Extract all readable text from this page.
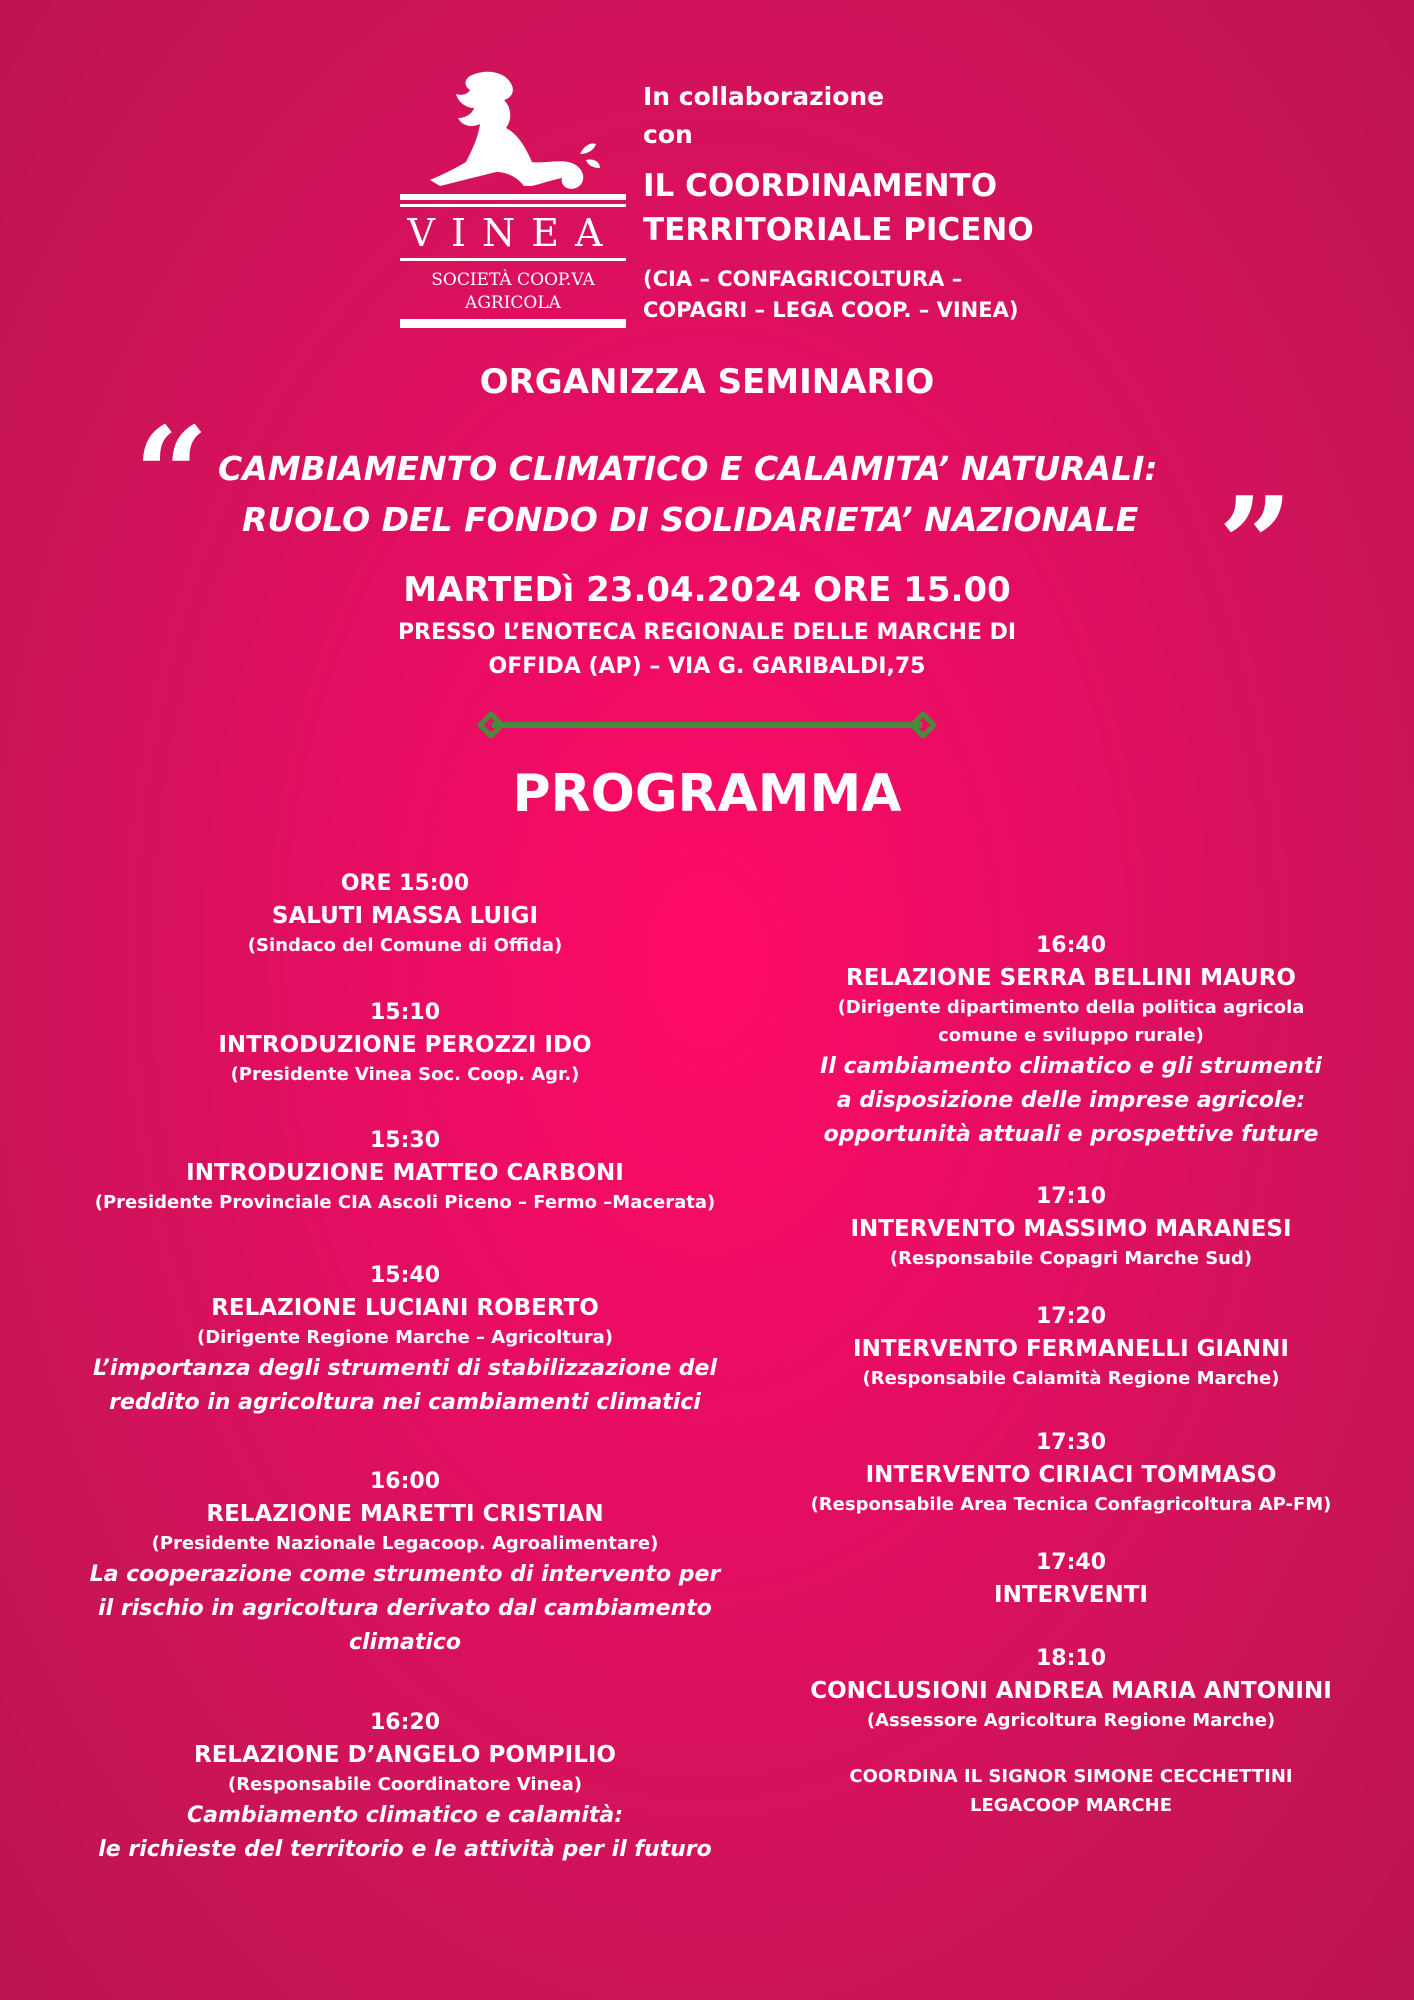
VINEA
SOCIETÀ COOP.VA
AGRICOLA
In collaborazione
con
IL COORDINAMENTO
TERRITORIALE PICENO
(CIA – CONFAGRICOLTURA –
COPAGRI – LEGA COOP. – VINEA)
ORGANIZZA SEMINARIO
“ CAMBIAMENTO CLIMATICO E CALAMITA’ NATURALI:
RUOLO DEL FONDO DI SOLIDARIETA’ NAZIONALE ”
MARTEDì 23.04.2024 ORE 15.00
PRESSO L’ENOTECA REGIONALE DELLE MARCHE DI
OFFIDA (AP) – VIA G. GARIBALDI,75
PROGRAMMA
ORE 15:00
SALUTI MASSA LUIGI
(Sindaco del Comune di Offida)
15:10
INTRODUZIONE PEROZZI IDO
(Presidente Vinea Soc. Coop. Agr.)
15:30
INTRODUZIONE MATTEO CARBONI
(Presidente Provinciale CIA Ascoli Piceno – Fermo –Macerata)
15:40
RELAZIONE LUCIANI ROBERTO
(Dirigente Regione Marche – Agricoltura)
L’importanza degli strumenti di stabilizzazione del
reddito in agricoltura nei cambiamenti climatici
16:00
RELAZIONE MARETTI CRISTIAN
(Presidente Nazionale Legacoop. Agroalimentare)
La cooperazione come strumento di intervento per
il rischio in agricoltura derivato dal cambiamento
climatico
16:20
RELAZIONE D’ANGELO POMPILIO
(Responsabile Coordinatore Vinea)
Cambiamento climatico e calamità:
le richieste del territorio e le attività per il futuro
16:40
RELAZIONE SERRA BELLINI MAURO
(Dirigente dipartimento della politica agricola
comune e sviluppo rurale)
Il cambiamento climatico e gli strumenti
a disposizione delle imprese agricole:
opportunità attuali e prospettive future
17:10
INTERVENTO MASSIMO MARANESI
(Responsabile Copagri Marche Sud)
17:20
INTERVENTO FERMANELLI GIANNI
(Responsabile Calamità Regione Marche)
17:30
INTERVENTO CIRIACI TOMMASO
(Responsabile Area Tecnica Confagricoltura AP-FM)
17:40
INTERVENTI
18:10
CONCLUSIONI ANDREA MARIA ANTONINI
(Assessore Agricoltura Regione Marche)
COORDINA IL SIGNOR SIMONE CECCHETTINI
LEGACOOP MARCHE
